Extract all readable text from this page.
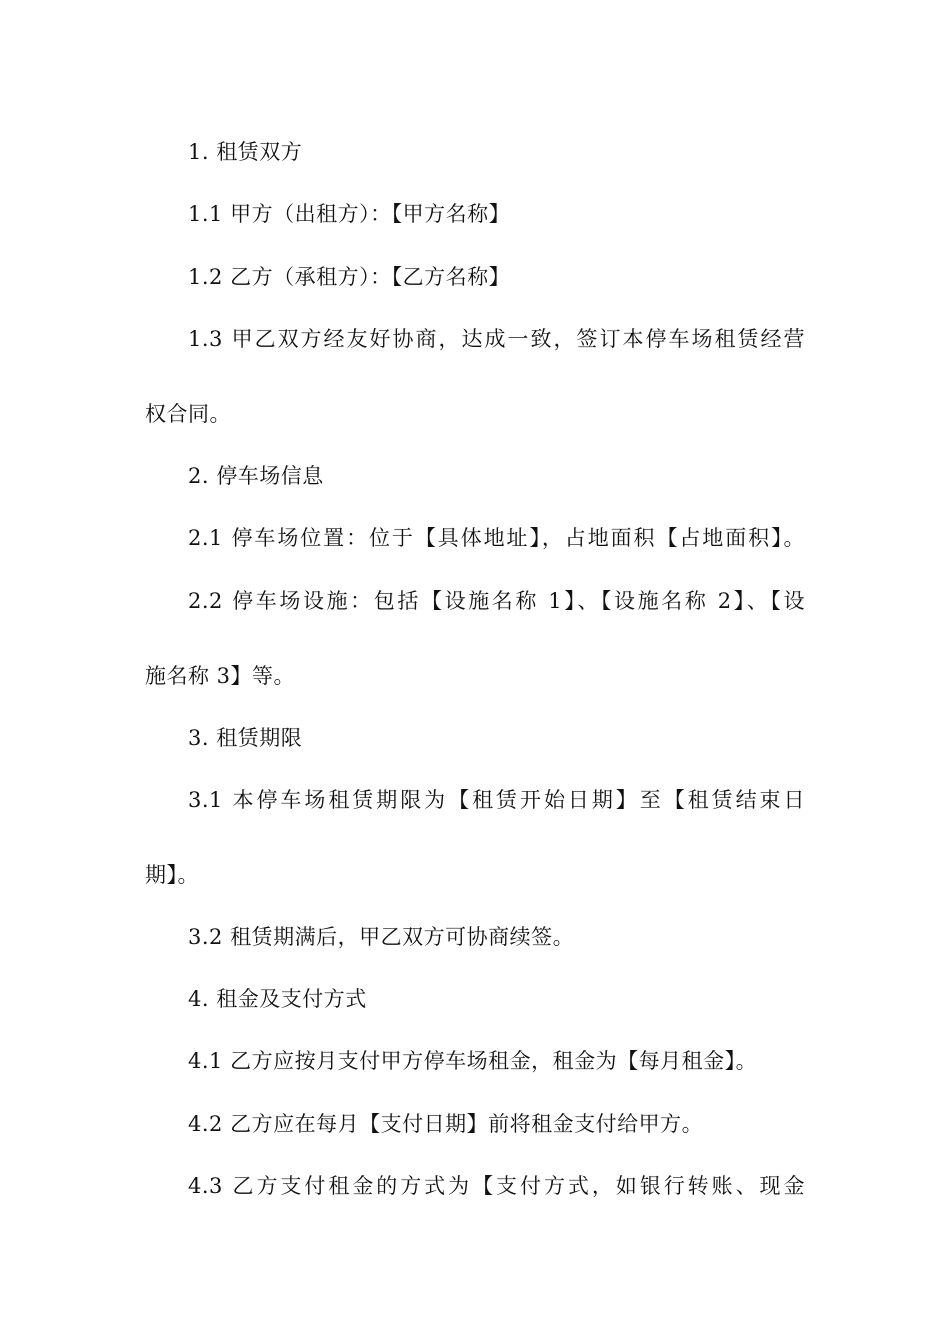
1. 租赁双方
1.1 甲方（出租方）：【甲方名称】
1.2 乙方（承租方）：【乙方名称】
1.3 甲乙双方经友好协商，达成一致，签订本停车场租赁经营
权合同。
2. 停车场信息
2.1 停车场位置：位于【具体地址】，占地面积【占地面积】。
2.2 停车场设施：包括【设施名称 1】、【设施名称 2】、【设
施名称 3】等。
3. 租赁期限
3.1 本停车场租赁期限为【租赁开始日期】至【租赁结束日
期】。
3.2 租赁期满后，甲乙双方可协商续签。
4. 租金及支付方式
4.1 乙方应按月支付甲方停车场租金，租金为【每月租金】。
4.2 乙方应在每月【支付日期】前将租金支付给甲方。
4.3 乙方支付租金的方式为【支付方式，如银行转账、现金
